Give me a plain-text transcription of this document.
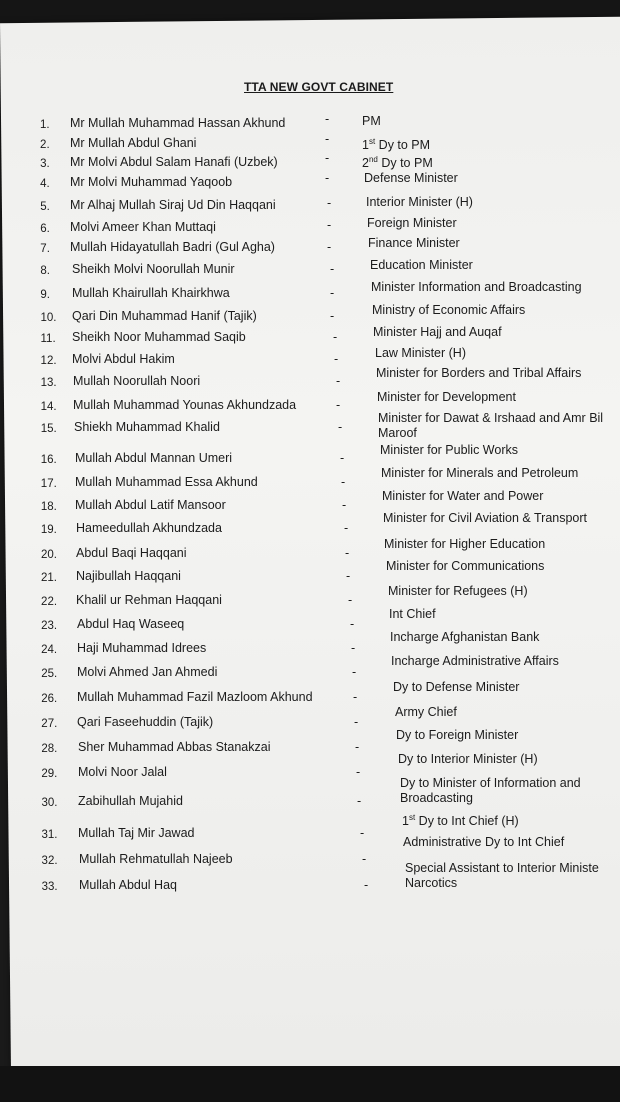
TTA NEW GOVT CABINET
1.	Mr Mullah Muhammad Hassan Akhund	-	PM
2.	Mr Mullah Abdul Ghani	-	1st Dy to PM
3.	Mr Molvi Abdul Salam Hanafi (Uzbek)	-	2nd Dy to PM
4.	Mr Molvi Muhammad Yaqoob	-	Defense Minister
5.	Mr Alhaj Mullah Siraj Ud Din Haqqani	-	Interior Minister (H)
6.	Molvi Ameer Khan Muttaqi	-	Foreign Minister
7.	Mullah Hidayatullah Badri (Gul Agha)	-	Finance Minister
8.	Sheikh Molvi Noorullah Munir	-	Education Minister
9.	Mullah Khairullah Khairkhwa	-	Minister Information and Broadcasting
10.	Qari Din Muhammad Hanif (Tajik)	-	Ministry of Economic Affairs
11.	Sheikh Noor Muhammad Saqib	-	Minister Hajj and Auqaf
12.	Molvi Abdul Hakim	-	Law Minister (H)
13.	Mullah Noorullah Noori	-
Minister for Borders and Tribal Affairs
14.	Mullah Muhammad Younas Akhundzada	-
Minister for Development
15.	Shiekh Muhammad Khalid	-
Minister for Dawat & Irshaad and Amr Bil
Maroof
16.	Mullah Abdul Mannan Umeri	-
Minister for Public Works
17.	Mullah Muhammad Essa Akhund	-
Minister for Minerals and Petroleum
18.	Mullah Abdul Latif Mansoor	-
Minister for Water and Power
19.	Hameedullah Akhundzada	-
Minister for Civil Aviation & Transport
20.	Abdul Baqi Haqqani	-
Minister for Higher Education
21.	Najibullah Haqqani	-
Minister for Communications
22.	Khalil ur Rehman Haqqani	-
Minister for Refugees (H)
23.	Abdul Haq Waseeq	-
Int Chief
24.	Haji Muhammad Idrees	-
Incharge Afghanistan Bank
25.	Molvi Ahmed Jan Ahmedi	-
Incharge Administrative Affairs
26.	Mullah Muhammad Fazil Mazloom Akhund	-
Dy to Defense Minister
27.	Qari Faseehuddin (Tajik)	-
Army Chief
28.	Sher Muhammad Abbas Stanakzai	-
Dy to Foreign Minister
29.	Molvi Noor Jalal	-
Dy to Interior Minister (H)
30.	Zabihullah Mujahid	-
Dy to Minister of Information and
Broadcasting
31.	Mullah Taj Mir Jawad	-
1st Dy to Int Chief (H)
32.	Mullah Rehmatullah Najeeb	-
Administrative Dy to Int Chief
33.	Mullah Abdul Haq	-
Special Assistant to Interior Ministe
Narcotics
